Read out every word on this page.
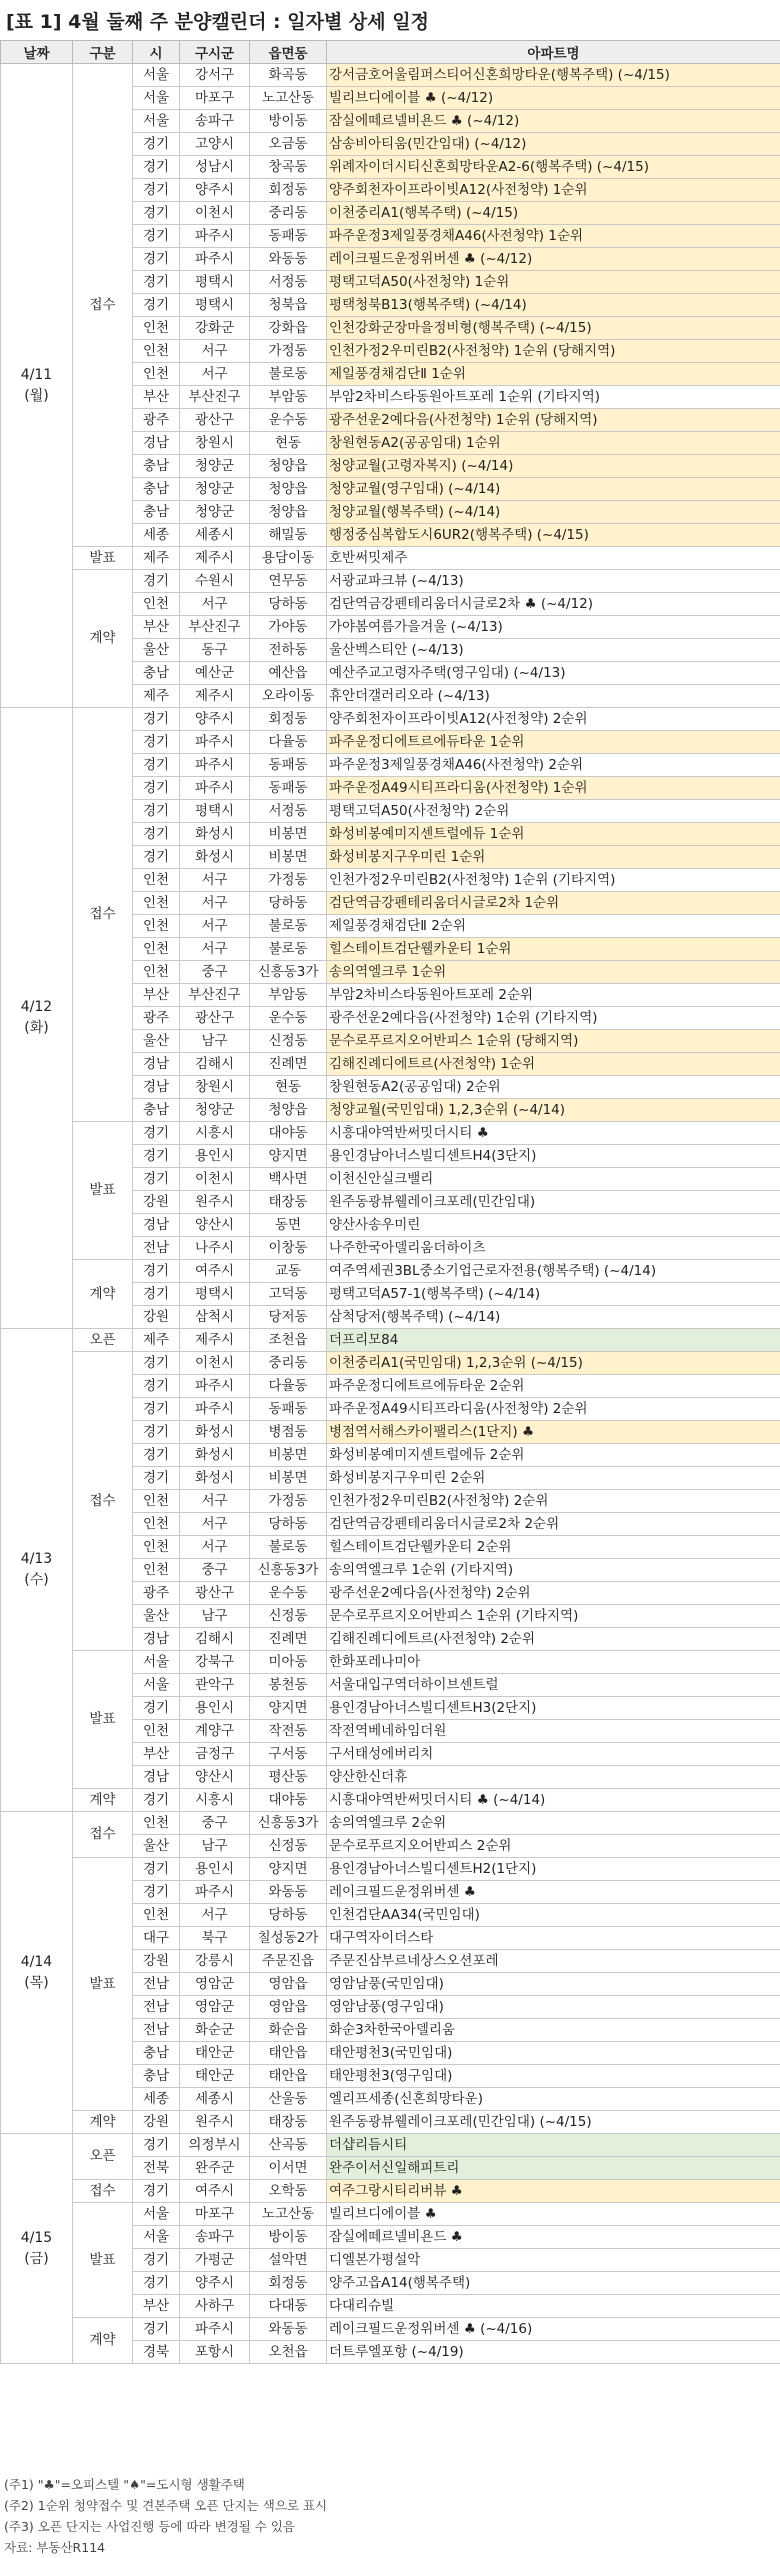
[표 1] 4월 둘째 주 분양캘린더 : 일자별 상세 일정
날짜	구분	시	구시군	읍면동	아파트명

4/11
(월)	접수	서울	강서구	화곡동	강서금호어울림퍼스티어신혼희망타운(행복주택) (~4/15)
		서울	마포구	노고산동	빌리브디에이블 ♣ (~4/12)
		서울	송파구	방이동	잠실에떼르넬비욘드 ♣ (~4/12)
		경기	고양시	오금동	삼송비아티움(민간임대) (~4/12)
		경기	성남시	창곡동	위례자이더시티신혼희망타운A2-6(행복주택) (~4/15)
		경기	양주시	회정동	양주회천자이프라이빗A12(사전청약) 1순위
		경기	이천시	중리동	이천중리A1(행복주택) (~4/15)
		경기	파주시	동패동	파주운정3제일풍경채A46(사전청약) 1순위
		경기	파주시	와동동	레이크필드운정위버센 ♣ (~4/12)
		경기	평택시	서정동	평택고덕A50(사전청약) 1순위
		경기	평택시	청북읍	평택청북B13(행복주택) (~4/14)
		인천	강화군	강화읍	인천강화군장마을정비형(행복주택) (~4/15)
		인천	서구	가정동	인천가정2우미린B2(사전청약) 1순위 (당해지역)
		인천	서구	불로동	제일풍경채검단Ⅱ 1순위
		부산	부산진구	부암동	부암2차비스타동원아트포레 1순위 (기타지역)
		광주	광산구	운수동	광주선운2예다음(사전청약) 1순위 (당해지역)
		경남	창원시	현동	창원현동A2(공공임대) 1순위
		충남	청양군	청양읍	청양교월(고령자복지) (~4/14)
		충남	청양군	청양읍	청양교월(영구임대) (~4/14)
		충남	청양군	청양읍	청양교월(행복주택) (~4/14)
		세종	세종시	해밀동	행정중심복합도시6UR2(행복주택) (~4/15)
	발표	제주	제주시	용담이동	호반써밋제주
	계약	경기	수원시	연무동	서광교파크뷰 (~4/13)
		인천	서구	당하동	검단역금강펜테리움더시글로2차 ♣ (~4/12)
		부산	부산진구	가야동	가야봄여름가을겨울 (~4/13)
		울산	동구	전하동	울산벡스티안 (~4/13)
		충남	예산군	예산읍	예산주교고령자주택(영구임대) (~4/13)
		제주	제주시	오라이동	휴안더갤러리오라 (~4/13)

4/12
(화)	접수	경기	양주시	회정동	양주회천자이프라이빗A12(사전청약) 2순위
		경기	파주시	다율동	파주운정디에트르에듀타운 1순위
		경기	파주시	동패동	파주운정3제일풍경채A46(사전청약) 2순위
		경기	파주시	동패동	파주운정A49시티프라디움(사전청약) 1순위
		경기	평택시	서정동	평택고덕A50(사전청약) 2순위
		경기	화성시	비봉면	화성비봉예미지센트럴에듀 1순위
		경기	화성시	비봉면	화성비봉지구우미린 1순위
		인천	서구	가정동	인천가정2우미린B2(사전청약) 1순위 (기타지역)
		인천	서구	당하동	검단역금강펜테리움더시글로2차 1순위
		인천	서구	불로동	제일풍경채검단Ⅱ 2순위
		인천	서구	불로동	힐스테이트검단웰카운티 1순위
		인천	중구	신흥동3가	송의역엘크루 1순위
		부산	부산진구	부암동	부암2차비스타동원아트포레 2순위
		광주	광산구	운수동	광주선운2예다음(사전청약) 1순위 (기타지역)
		울산	남구	신정동	문수로푸르지오어반피스 1순위 (당해지역)
		경남	김해시	진례면	김해진례디에트르(사전청약) 1순위
		경남	창원시	현동	창원현동A2(공공임대) 2순위
		충남	청양군	청양읍	청양교월(국민임대) 1,2,3순위 (~4/14)
	발표	경기	시흥시	대야동	시흥대야역반써밋더시티 ♣
		경기	용인시	양지면	용인경남아너스빌디센트H4(3단지)
		경기	이천시	백사면	이천신안실크밸리
		강원	원주시	태장동	원주동광뷰웰레이크포레(민간임대)
		경남	양산시	동면	양산사송우미린
		전남	나주시	이창동	나주한국아델리움더하이츠
	계약	경기	여주시	교동	여주역세권3BL중소기업근로자전용(행복주택) (~4/14)
		경기	평택시	고덕동	평택고덕A57-1(행복주택) (~4/14)
		강원	삼척시	당저동	삼척당저(행복주택) (~4/14)

4/13
(수)	오픈	제주	제주시	조천읍	더프리모84
	접수	경기	이천시	중리동	이천중리A1(국민임대) 1,2,3순위 (~4/15)
		경기	파주시	다율동	파주운정디에트르에듀타운 2순위
		경기	파주시	동패동	파주운정A49시티프라디움(사전청약) 2순위
		경기	화성시	병점동	병점역서해스카이팰리스(1단지) ♣
		경기	화성시	비봉면	화성비봉예미지센트럴에듀 2순위
		경기	화성시	비봉면	화성비봉지구우미린 2순위
		인천	서구	가정동	인천가정2우미린B2(사전청약) 2순위
		인천	서구	당하동	검단역금강펜테리움더시글로2차 2순위
		인천	서구	불로동	힐스테이트검단웰카운티 2순위
		인천	중구	신흥동3가	송의역엘크루 1순위 (기타지역)
		광주	광산구	운수동	광주선운2예다음(사전청약) 2순위
		울산	남구	신정동	문수로푸르지오어반피스 1순위 (기타지역)
		경남	김해시	진례면	김해진례디에트르(사전청약) 2순위
	발표	서울	강북구	미아동	한화포레나미아
		서울	관악구	봉천동	서울대입구역더하이브센트럴
		경기	용인시	양지면	용인경남아너스빌디센트H3(2단지)
		인천	계양구	작전동	작전역베네하임더원
		부산	금정구	구서동	구서태성에버리치
		경남	양산시	평산동	양산한신더휴
	계약	경기	시흥시	대야동	시흥대야역반써밋더시티 ♣ (~4/14)

4/14
(목)	접수	인천	중구	신흥동3가	송의역엘크루 2순위
		울산	남구	신정동	문수로푸르지오어반피스 2순위
	발표	경기	용인시	양지면	용인경남아너스빌디센트H2(1단지)
		경기	파주시	와동동	레이크필드운정위버센 ♣
		인천	서구	당하동	인천검단AA34(국민임대)
		대구	북구	칠성동2가	대구역자이더스타
		강원	강릉시	주문진읍	주문진삼부르네상스오션포레
		전남	영암군	영암읍	영암남풍(국민임대)
		전남	영암군	영암읍	영암남풍(영구임대)
		전남	화순군	화순읍	화순3차한국아델리움
		충남	태안군	태안읍	태안평천3(국민임대)
		충남	태안군	태안읍	태안평천3(영구임대)
		세종	세종시	산울동	엘리프세종(신혼희망타운)
	계약	강원	원주시	태장동	원주동광뷰웰레이크포레(민간임대) (~4/15)

4/15
(금)	오픈	경기	의정부시	산곡동	더샵리듬시티
		전북	완주군	이서면	완주이서신일해피트리
	접수	경기	여주시	오학동	여주그랑시티리버뷰 ♣
	발표	서울	마포구	노고산동	빌리브디에이블 ♣
		서울	송파구	방이동	잠실에떼르넬비욘드 ♣
		경기	가평군	설악면	디엘본가평설악
		경기	양주시	회정동	양주고읍A14(행복주택)
		부산	사하구	다대동	다대리슈빌
	계약	경기	파주시	와동동	레이크필드운정위버센 ♣ (~4/16)
		경북	포항시	오천읍	더트루엘포항 (~4/19)
(주1) "♣"=오피스텔 "♠"=도시형 생활주택
(주2) 1순위 청약접수 및 견본주택 오픈 단지는 색으로 표시
(주3) 오픈 단지는 사업진행 등에 따라 변경될 수 있음
자료: 부동산R114
